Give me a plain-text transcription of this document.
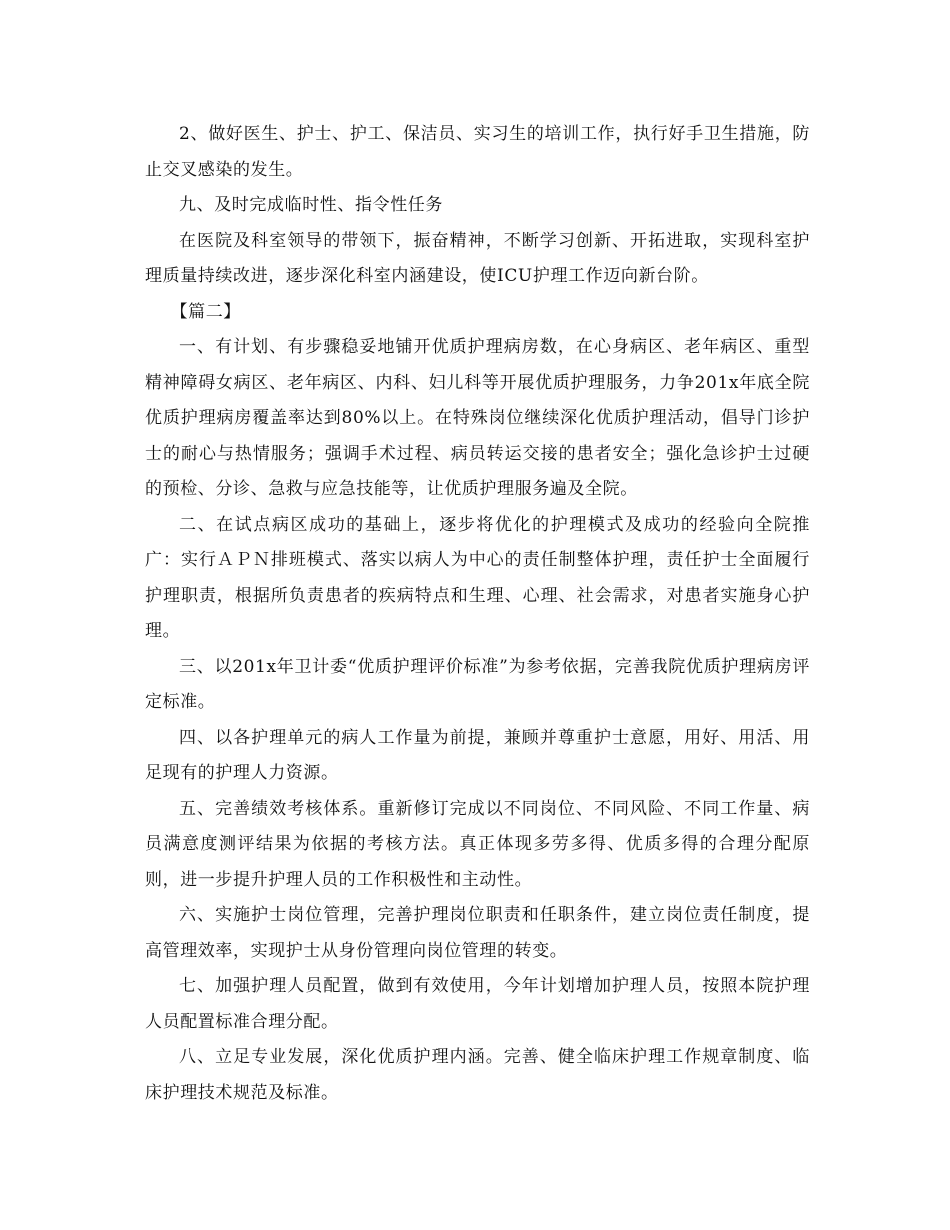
2、做好医生、护士、护工、保洁员、实习生的培训工作，执行好手卫生措施，防止交叉感染的发生。

九、及时完成临时性、指令性任务

在医院及科室领导的带领下，振奋精神，不断学习创新、开拓进取，实现科室护理质量持续改进，逐步深化科室内涵建设，使ICU护理工作迈向新台阶。

【篇二】

一、有计划、有步骤稳妥地铺开优质护理病房数，在心身病区、老年病区、重型精神障碍女病区、老年病区、内科、妇儿科等开展优质护理服务，力争201x年底全院优质护理病房覆盖率达到80%以上。在特殊岗位继续深化优质护理活动，倡导门诊护士的耐心与热情服务；强调手术过程、病员转运交接的患者安全；强化急诊护士过硬的预检、分诊、急救与应急技能等，让优质护理服务遍及全院。

二、在试点病区成功的基础上，逐步将优化的护理模式及成功的经验向全院推广：实行ＡＰＮ排班模式、落实以病人为中心的责任制整体护理，责任护士全面履行护理职责，根据所负责患者的疾病特点和生理、心理、社会需求，对患者实施身心护理。

三、以201x年卫计委“优质护理评价标准”为参考依据，完善我院优质护理病房评定标准。

四、以各护理单元的病人工作量为前提，兼顾并尊重护士意愿，用好、用活、用足现有的护理人力资源。

五、完善绩效考核体系。重新修订完成以不同岗位、不同风险、不同工作量、病员满意度测评结果为依据的考核方法。真正体现多劳多得、优质多得的合理分配原则，进一步提升护理人员的工作积极性和主动性。

六、实施护士岗位管理，完善护理岗位职责和任职条件，建立岗位责任制度，提高管理效率，实现护士从身份管理向岗位管理的转变。

七、加强护理人员配置，做到有效使用，今年计划增加护理人员，按照本院护理人员配置标准合理分配。

八、立足专业发展，深化优质护理内涵。完善、健全临床护理工作规章制度、临床护理技术规范及标准。
